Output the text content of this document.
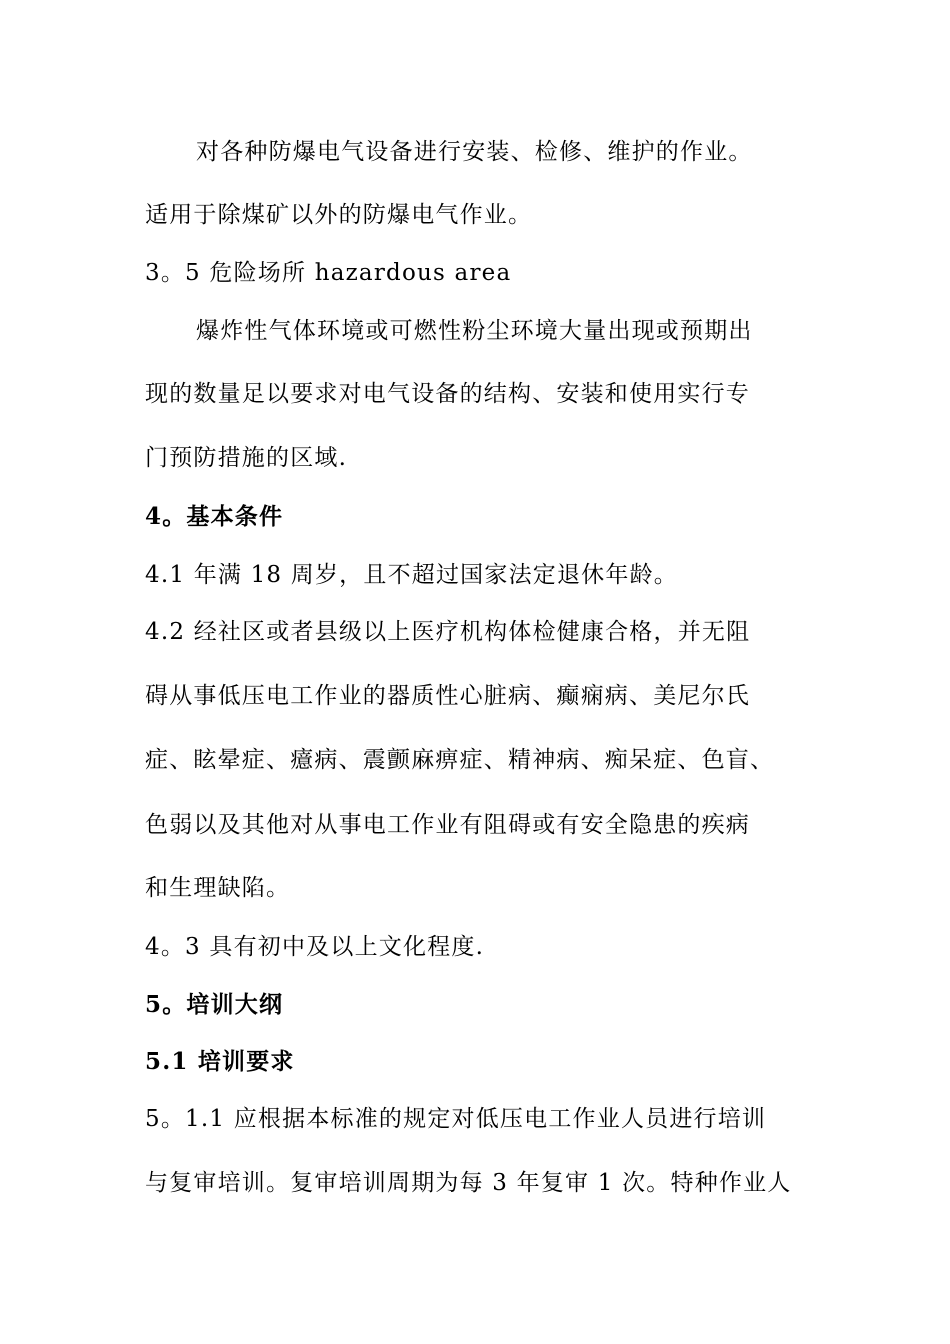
对各种防爆电气设备进行安装、检修、维护的作业。
适用于除煤矿以外的防爆电气作业。
3。5 危险场所 hazardous area
爆炸性气体环境或可燃性粉尘环境大量出现或预期出
现的数量足以要求对电气设备的结构、安装和使用实行专
门预防措施的区域.
4。基本条件
4.1 年满 18 周岁，且不超过国家法定退休年龄。
4.2 经社区或者县级以上医疗机构体检健康合格，并无阻
碍从事低压电工作业的器质性心脏病、癫痫病、美尼尔氏
症、眩晕症、癔病、震颤麻痹症、精神病、痴呆症、色盲、
色弱以及其他对从事电工作业有阻碍或有安全隐患的疾病
和生理缺陷。
4。3 具有初中及以上文化程度.
5。培训大纲
5.1 培训要求
5。1.1 应根据本标准的规定对低压电工作业人员进行培训
与复审培训。复审培训周期为每 3 年复审 1 次。特种作业人
